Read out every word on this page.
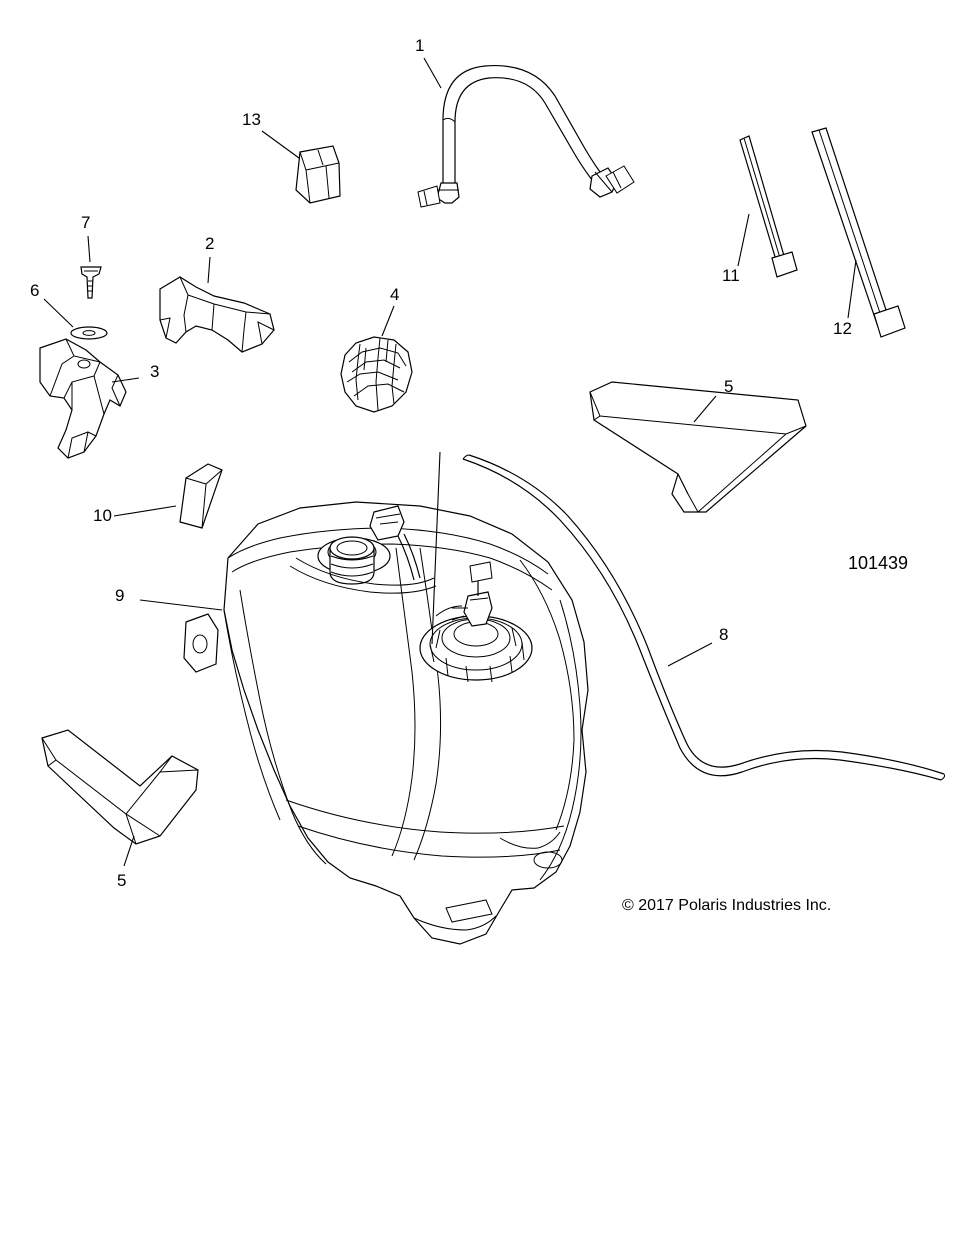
1
13
7
2
6	4
11
12
3
5
10
9
8
5
101439
© 2017 Polaris Industries Inc.
